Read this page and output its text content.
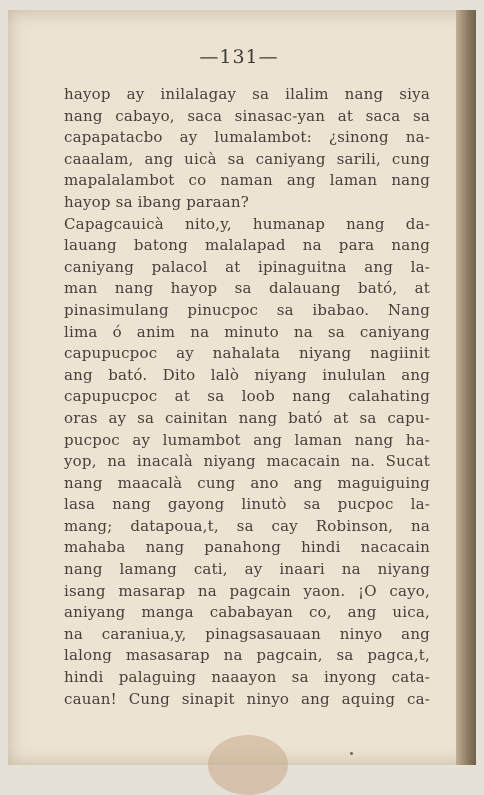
—131—
hayop ay inilalagay sa ilalim nang siya
nang cabayo, saca sinasac-yan at saca sa
capapatacbo ay lumalambot: ¿sinong na-
caaalam, ang uicà sa caniyang sarili, cung
mapalalambot co naman ang laman nang
hayop sa ibang paraan?
Capagcauicà nito,y, humanap nang da-
lauang batong malalapad na para nang
caniyang palacol at ipinaguitna ang la-
man nang hayop sa dalauang bató, at
pinasimulang pinucpoc sa ibabao. Nang
lima ó anim na minuto na sa caniyang
capupucpoc ay nahalata niyang nagiinit
ang bató. Dito lalò niyang inululan ang
capupucpoc at sa loob nang calahating
oras ay sa cainitan nang bató at sa capu-
pucpoc ay lumambot ang laman nang ha-
yop, na inacalà niyang macacain na. Sucat
nang maacalà cung ano ang maguiguing
lasa nang gayong linutò sa pucpoc la-
mang; datapoua,t, sa cay Robinson, na
mahaba nang panahong hindi nacacain
nang lamang cati, ay inaari na niyang
isang masarap na pagcain yaon. ¡O cayo,
aniyang manga cababayan co, ang uica,
na caraniua,y, pinagsasauaan ninyo ang
lalong masasarap na pagcain, sa pagca,t,
hindi palaguing naaayon sa inyong cata-
cauan! Cung sinapit ninyo ang aquing ca-
